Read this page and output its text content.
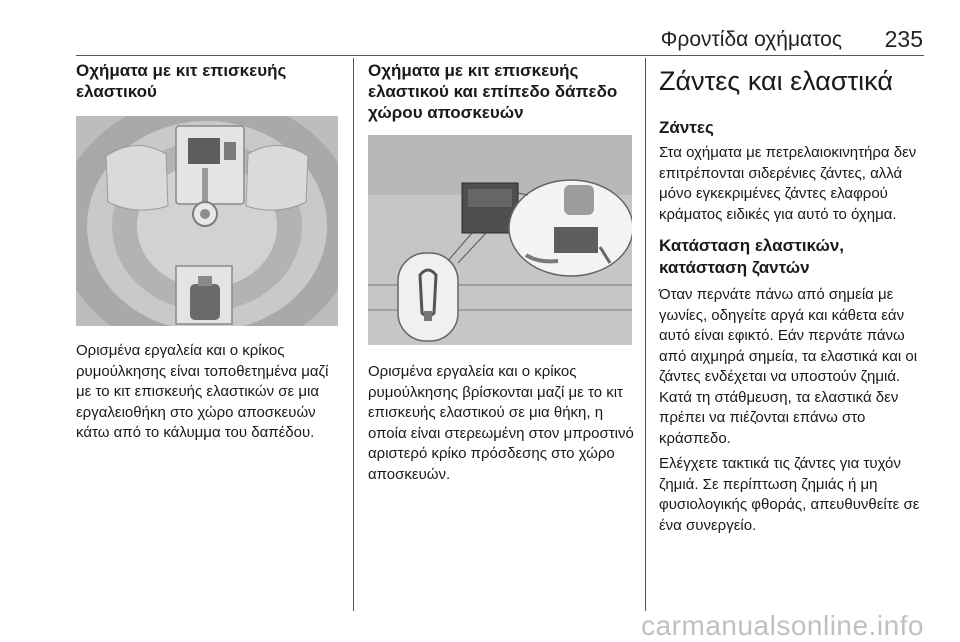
Φροντίδα οχήματος 235
Οχήματα με κιτ επισκευής ελαστικού

Ορισμένα εργαλεία και ο κρίκος ρυμούλκησης είναι τοποθετημένα μαζί με το κιτ επισκευής ελαστικών σε μια εργαλειοθήκη στο χώρο αποσκευών κάτω από το κάλυμμα του δαπέδου.

Οχήματα με κιτ επισκευής ελαστικού και επίπεδο δάπεδο χώρου αποσκευών

Ορισμένα εργαλεία και ο κρίκος ρυμούλκησης βρίσκονται μαζί με το κιτ επισκευής ελαστικού σε μια θήκη, η οποία είναι στερεωμένη στον μπροστινό αριστερό κρίκο πρόσδεσης στο χώρο αποσκευών.

Ζάντες και ελαστικά
Ζάντες

Στα οχήματα με πετρελαιοκινητήρα δεν επιτρέπονται σιδερένιες ζάντες, αλλά μόνο εγκεκριμένες ζάντες ελαφρού κράματος ειδικές για αυτό το όχημα.

Κατάσταση ελαστικών, κατάσταση ζαντών

Όταν περνάτε πάνω από σημεία με γωνίες, οδηγείτε αργά και κάθετα εάν αυτό είναι εφικτό. Εάν περνάτε πάνω από αιχμηρά σημεία, τα ελαστικά και οι ζάντες ενδέχεται να υποστούν ζημιά. Κατά τη στάθμευση, τα ελαστικά δεν πρέπει να πιέζονται επάνω στο κράσπεδο.

Ελέγχετε τακτικά τις ζάντες για τυχόν ζημιά. Σε περίπτωση ζημιάς ή μη φυσιολογικής φθοράς, απευθυνθείτε σε ένα συνεργείο.

carmanualsonline.info
